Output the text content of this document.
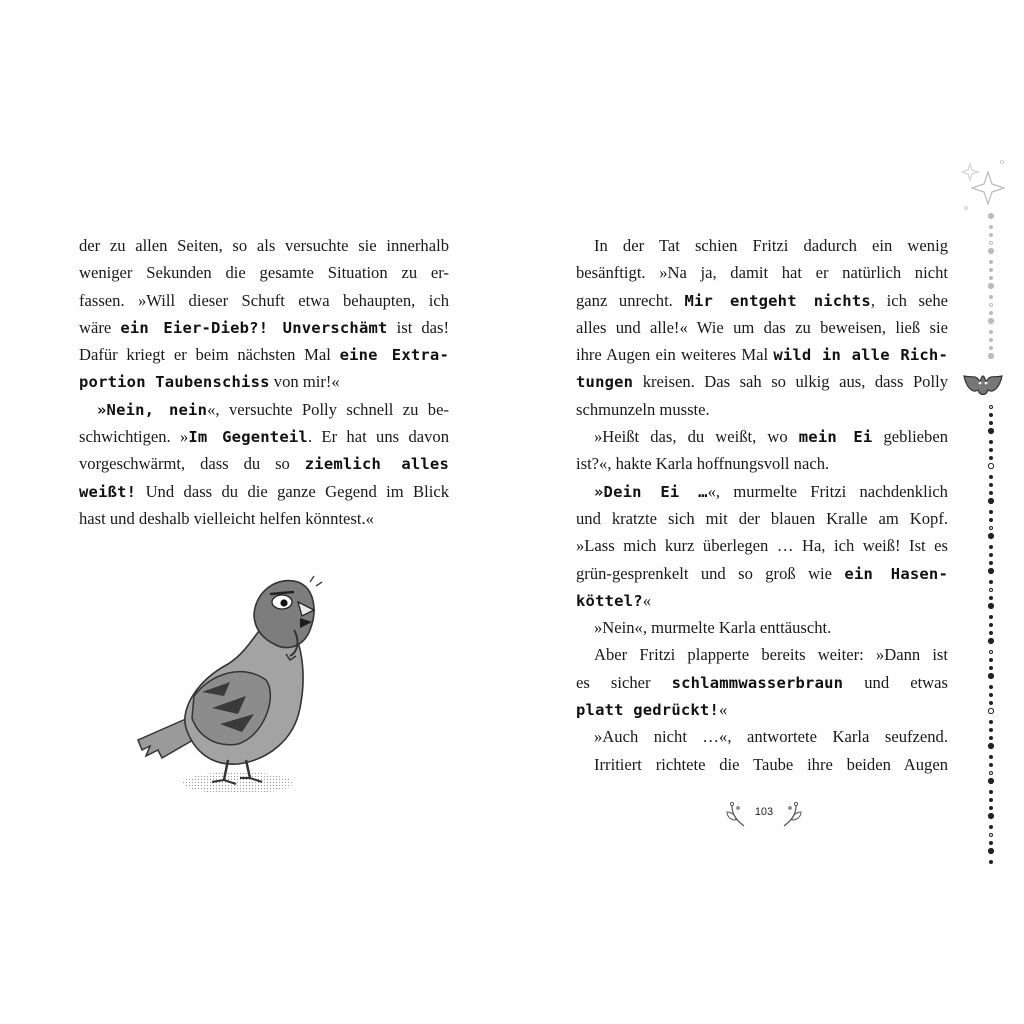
der zu allen Seiten, so als versuchte sie innerhalb
weniger Sekunden die gesamte Situation zu er-
fassen. »Will dieser Schuft etwa behaupten, ich
wäre ein Eier-Dieb?! Unverschämt ist das!
Dafür kriegt er beim nächsten Mal eine Extra-
portion Taubenschiss von mir!«
»Nein, nein«, versuchte Polly schnell zu be-
schwichtigen. »Im Gegenteil. Er hat uns davon
vorgeschwärmt, dass du so ziemlich alles
weißt! Und dass du die ganze Gegend im Blick
hast und deshalb vielleicht helfen könntest.«
In der Tat schien Fritzi dadurch ein wenig
besänftigt. »Na ja, damit hat er natürlich nicht
ganz unrecht. Mir entgeht nichts, ich sehe
alles und alle!« Wie um das zu beweisen, ließ sie
ihre Augen ein weiteres Mal wild in alle Rich-
tungen kreisen. Das sah so ulkig aus, dass Polly
schmunzeln musste.
»Heißt das, du weißt, wo mein Ei geblieben
ist?«, hakte Karla hoffnungsvoll nach.
»Dein Ei …«, murmelte Fritzi nachdenklich
und kratzte sich mit der blauen Kralle am Kopf.
»Lass mich kurz überlegen … Ha, ich weiß! Ist es
grün-gesprenkelt und so groß wie ein Hasen-
köttel?«
»Nein«, murmelte Karla enttäuscht.
Aber Fritzi plapperte bereits weiter: »Dann ist
es sicher schlammwasserbraun und etwas
platt gedrückt!«
»Auch nicht …«, antwortete Karla seufzend.
Irritiert richtete die Taube ihre beiden Augen
103
